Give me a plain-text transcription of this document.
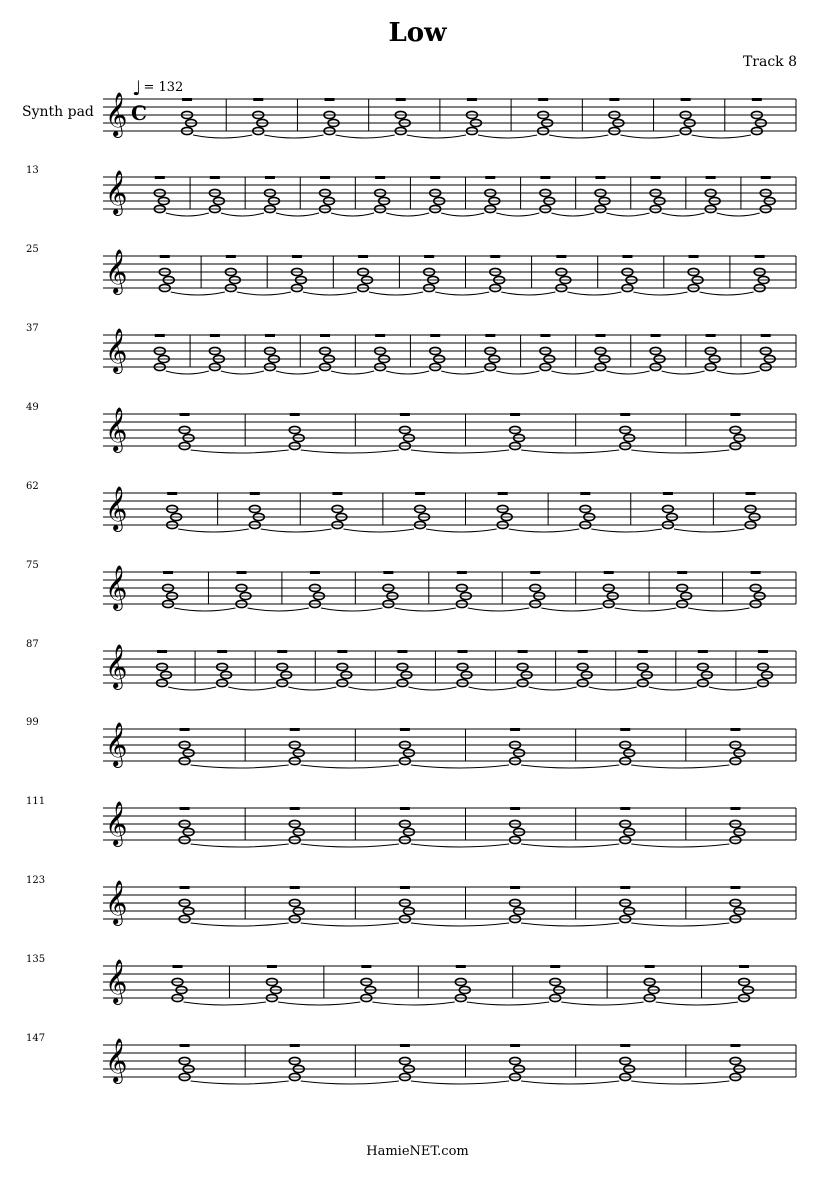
Low
Track 8
♩ = 132
Synth pad 𝄞 C
𝄞
13
𝄞
25
𝄞
37
𝄞
49
𝄞
62
𝄞
75
𝄞
87
𝄞
99
𝄞
111
𝄞
123
𝄞
135
𝄞
147
HamieNET.com
